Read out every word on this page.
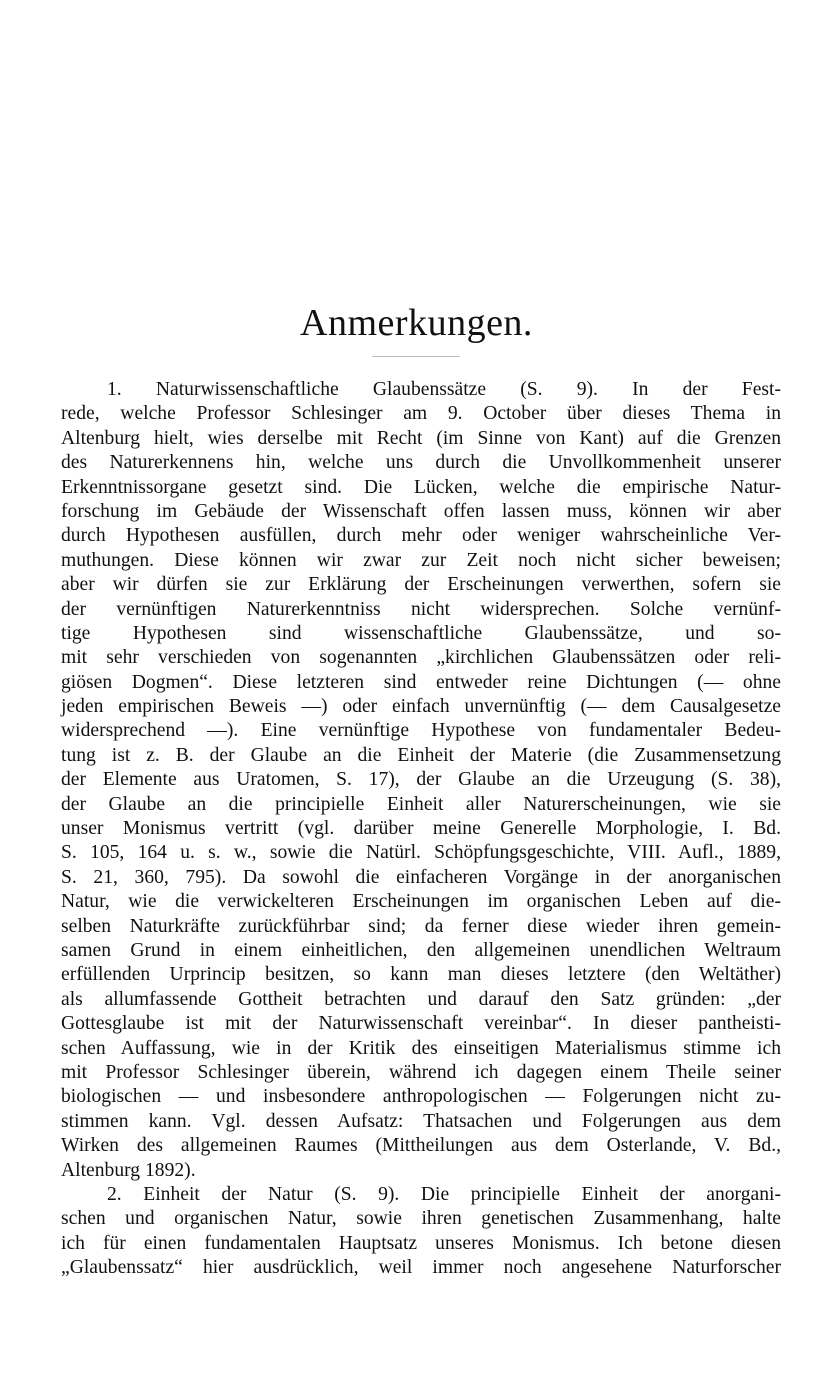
Anmerkungen.
1. Naturwissenschaftliche Glaubenssätze (S. 9). In der Fest-
rede, welche Professor Schlesinger am 9. October über dieses Thema in
Altenburg hielt, wies derselbe mit Recht (im Sinne von Kant) auf die Grenzen
des Naturerkennens hin, welche uns durch die Unvollkommenheit unserer
Erkenntnissorgane gesetzt sind. Die Lücken, welche die empirische Natur-
forschung im Gebäude der Wissenschaft offen lassen muss, können wir aber
durch Hypothesen ausfüllen, durch mehr oder weniger wahrscheinliche Ver-
muthungen. Diese können wir zwar zur Zeit noch nicht sicher beweisen;
aber wir dürfen sie zur Erklärung der Erscheinungen verwerthen, sofern sie
der vernünftigen Naturerkenntniss nicht widersprechen. Solche vernünf-
tige Hypothesen sind wissenschaftliche Glaubenssätze, und so-
mit sehr verschieden von sogenannten „kirchlichen Glaubenssätzen oder reli-
giösen Dogmen“. Diese letzteren sind entweder reine Dichtungen (— ohne
jeden empirischen Beweis —) oder einfach unvernünftig (— dem Causalgesetze
widersprechend —). Eine vernünftige Hypothese von fundamentaler Bedeu-
tung ist z. B. der Glaube an die Einheit der Materie (die Zusammensetzung
der Elemente aus Uratomen, S. 17), der Glaube an die Urzeugung (S. 38),
der Glaube an die principielle Einheit aller Naturerscheinungen, wie sie
unser Monismus vertritt (vgl. darüber meine Generelle Morphologie, I. Bd.
S. 105, 164 u. s. w., sowie die Natürl. Schöpfungsgeschichte, VIII. Aufl., 1889,
S. 21, 360, 795). Da sowohl die einfacheren Vorgänge in der anorganischen
Natur, wie die verwickelteren Erscheinungen im organischen Leben auf die-
selben Naturkräfte zurückführbar sind; da ferner diese wieder ihren gemein-
samen Grund in einem einheitlichen, den allgemeinen unendlichen Weltraum
erfüllenden Urprincip besitzen, so kann man dieses letztere (den Weltäther)
als allumfassende Gottheit betrachten und darauf den Satz gründen: „der
Gottesglaube ist mit der Naturwissenschaft vereinbar“. In dieser pantheisti-
schen Auffassung, wie in der Kritik des einseitigen Materialismus stimme ich
mit Professor Schlesinger überein, während ich dagegen einem Theile seiner
biologischen — und insbesondere anthropologischen — Folgerungen nicht zu-
stimmen kann. Vgl. dessen Aufsatz: Thatsachen und Folgerungen aus dem
Wirken des allgemeinen Raumes (Mittheilungen aus dem Osterlande, V. Bd.,
Altenburg 1892).
2. Einheit der Natur (S. 9). Die principielle Einheit der anorgani-
schen und organischen Natur, sowie ihren genetischen Zusammenhang, halte
ich für einen fundamentalen Hauptsatz unseres Monismus. Ich betone diesen
„Glaubenssatz“ hier ausdrücklich, weil immer noch angesehene Naturforscher
